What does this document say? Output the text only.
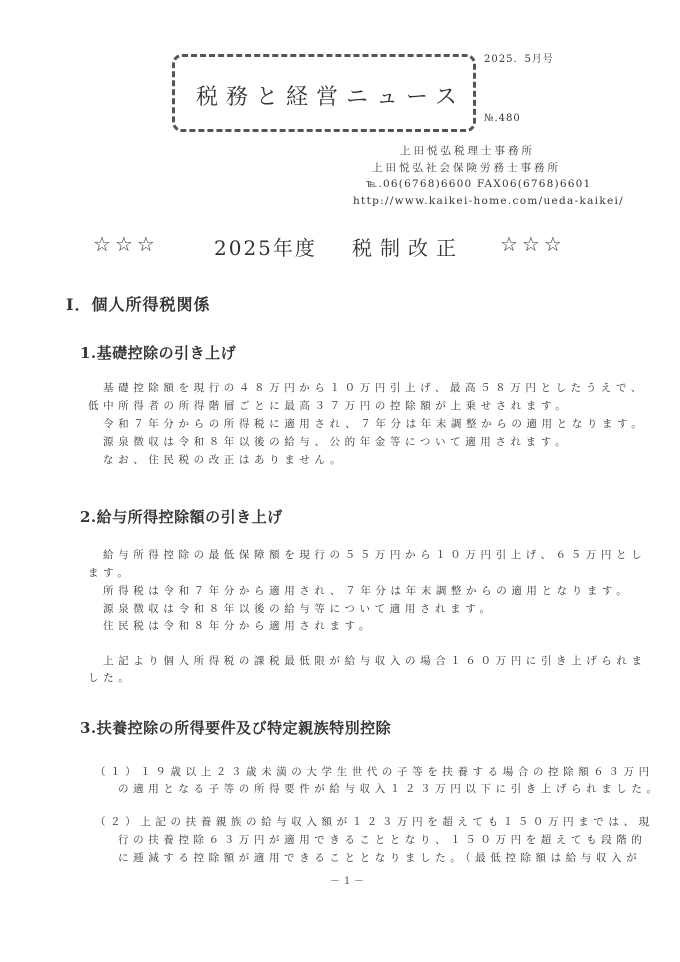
税務と経営ニュース
2025．5月号
№.480
上田悦弘税理士事務所
上田悦弘社会保険労務士事務所
℡.06(6768)6600 FAX06(6768)6601
http://www.kaikei-home.com/ueda-kaikei/
☆☆☆	2025年度 税制改正 ☆☆☆
Ⅰ．個人所得税関係
1.基礎控除の引き上げ
基礎控除額を現行の４８万円から１０万円引上げ、最高５８万円としたうえで、
低中所得者の所得階層ごとに最高３７万円の控除額が上乗せされます。
令和７年分からの所得税に適用され、７年分は年末調整からの適用となります。
源泉徴収は令和８年以後の給与、公的年金等について適用されます。
なお、住民税の改正はありません。
2.給与所得控除額の引き上げ
給与所得控除の最低保障額を現行の５５万円から１０万円引上げ、６５万円とし
ます。
所得税は令和７年分から適用され、７年分は年末調整からの適用となります。
源泉徴収は令和８年以後の給与等について適用されます。
住民税は令和８年分から適用されます。
上記より個人所得税の課税最低限が給与収入の場合１６０万円に引き上げられま
した。
3.扶養控除の所得要件及び特定親族特別控除
（１）１９歳以上２３歳未満の大学生世代の子等を扶養する場合の控除額６３万円
の適用となる子等の所得要件が給与収入１２３万円以下に引き上げられました。
（２）上記の扶養親族の給与収入額が１２３万円を超えても１５０万円までは、現
行の扶養控除６３万円が適用できることとなり、１５０万円を超えても段階的
に逓減する控除額が適用できることとなりました。（最低控除額は給与収入が
－１－
